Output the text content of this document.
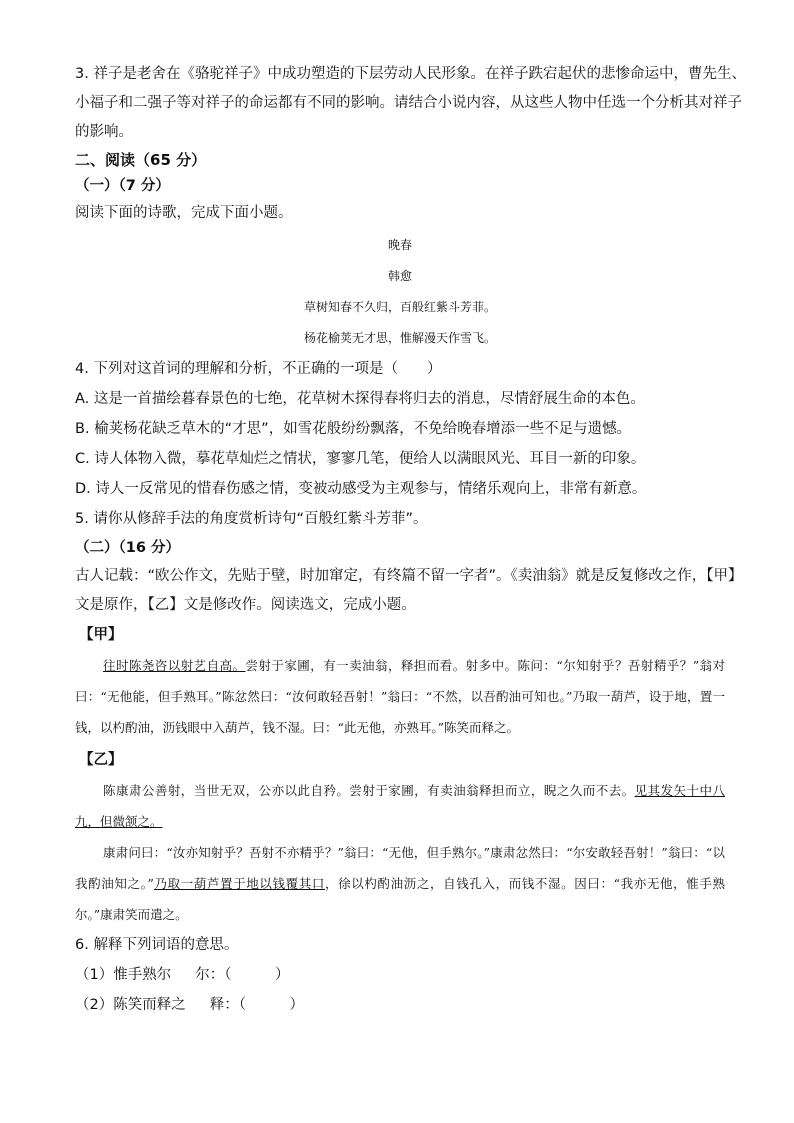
3. 祥子是老舍在《骆驼祥子》中成功塑造的下层劳动人民形象。在祥子跌宕起伏的悲惨命运中，曹先生、
小福子和二强子等对祥子的命运都有不同的影响。请结合小说内容，从这些人物中任选一个分析其对祥子
的影响。
二、阅读（65 分）
（一）（7 分）
阅读下面的诗歌，完成下面小题。
晚春
韩愈
草树知春不久归，百般红紫斗芳菲。
杨花榆荚无才思，惟解漫天作雪飞。
4. 下列对这首词的理解和分析，不正确的一项是（　　）
A. 这是一首描绘暮春景色的七绝，花草树木探得春将归去的消息，尽情舒展生命的本色。
B. 榆荚杨花缺乏草木的“才思”，如雪花般纷纷飘落，不免给晚春增添一些不足与遗憾。
C. 诗人体物入微，摹花草灿烂之情状，寥寥几笔，便给人以满眼风光、耳目一新的印象。
D. 诗人一反常见的惜春伤感之情，变被动感受为主观参与，情绪乐观向上，非常有新意。
5. 请你从修辞手法的角度赏析诗句“百般红紫斗芳菲”。
（二）（16 分）
古人记载：“欧公作文，先贴于壁，时加窜定，有终篇不留一字者”。《卖油翁》就是反复修改之作，【甲】
文是原作，【乙】文是修改作。阅读选文，完成小题。
【甲】

往时陈尧咨以射艺自高。尝射于家圃，有一卖油翁，释担而看。射多中。陈问：“尔知射乎？吾射精乎？”翁对曰：“无他能，但手熟耳。”陈忿然曰：“汝何敢轻吾射！”翁曰：“不然，以吾酌油可知也。”乃取一葫芦，设于地，置一钱，以杓酌油，沥钱眼中入葫芦，钱不湿。曰：“此无他，亦熟耳。”陈笑而释之。

【乙】

陈康肃公善射，当世无双，公亦以此自矜。尝射于家圃，有卖油翁释担而立，睨之久而不去。见其发矢十中八九，但微颔之。

康肃问曰：“汝亦知射乎？吾射不亦精乎？”翁曰：“无他，但手熟尔。”康肃忿然曰：“尔安敢轻吾射！”翁曰：“以我酌油知之。”乃取一葫芦置于地以钱覆其口，徐以杓酌油沥之，自钱孔入，而钱不湿。因曰：“我亦无他，惟手熟尔。”康肃笑而遣之。

6. 解释下列词语的意思。
（1）惟手熟尔 尔：（　　　）
（2）陈笑而释之 释：（　　　）
